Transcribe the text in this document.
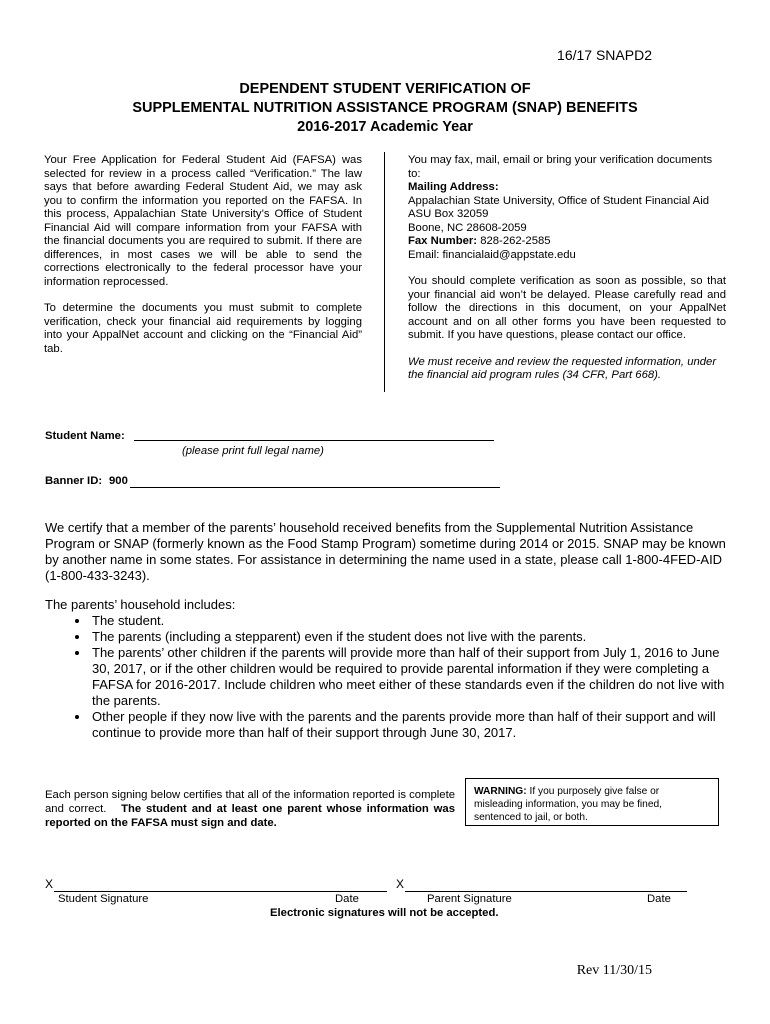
16/17 SNAPD2
DEPENDENT STUDENT VERIFICATION OF
SUPPLEMENTAL NUTRITION ASSISTANCE PROGRAM (SNAP) BENEFITS
2016-2017 Academic Year

Your Free Application for Federal Student Aid (FAFSA) was selected for review in a process called “Verification.” The law says that before awarding Federal Student Aid, we may ask you to confirm the information you reported on the FAFSA. In this process, Appalachian State University’s Office of Student Financial Aid will compare information from your FAFSA with the financial documents you are required to submit. If there are differences, in most cases we will be able to send the corrections electronically to the federal processor have your information reprocessed.

To determine the documents you must submit to complete verification, check your financial aid requirements by logging into your AppalNet account and clicking on the “Financial Aid” tab.

You may fax, mail, email or bring your verification documents to:

Mailing Address:

Appalachian State University, Office of Student Financial Aid

ASU Box 32059

Boone, NC 28608-2059

Fax Number: 828-262-2585

Email: financialaid@appstate.edu

You should complete verification as soon as possible, so that your financial aid won’t be delayed. Please carefully read and follow the directions in this document, on your AppalNet account and on all other forms you have been requested to submit. If you have questions, please contact our office.

We must receive and review the requested information, under the financial aid program rules (34 CFR, Part 668).

Student Name:
(please print full legal name)
Banner ID: 900

We certify that a member of the parents’ household received benefits from the Supplemental Nutrition Assistance Program or SNAP (formerly known as the Food Stamp Program) sometime during 2014 or 2015. SNAP may be known by another name in some states. For assistance in determining the name used in a state, please call 1-800-4FED-AID (1-800-433-3243).

The parents’ household includes:

• The student.
• The parents (including a stepparent) even if the student does not live with the parents.
• The parents’ other children if the parents will provide more than half of their support from July 1, 2016 to June 30, 2017, or if the other children would be required to provide parental information if they were completing a FAFSA for 2016-2017. Include children who meet either of these standards even if the children do not live with the parents.
• Other people if they now live with the parents and the parents provide more than half of their support and will continue to provide more than half of their support through June 30, 2017.
Each person signing below certifies that all of the information reported is complete and correct. The student and at least one parent whose information was reported on the FAFSA must sign and date.
WARNING: If you purposely give false or misleading information, you may be fined, sentenced to jail, or both.
X	X
Student Signature	Date	Parent Signature	Date
Electronic signatures will not be accepted.
Rev 11/30/15
